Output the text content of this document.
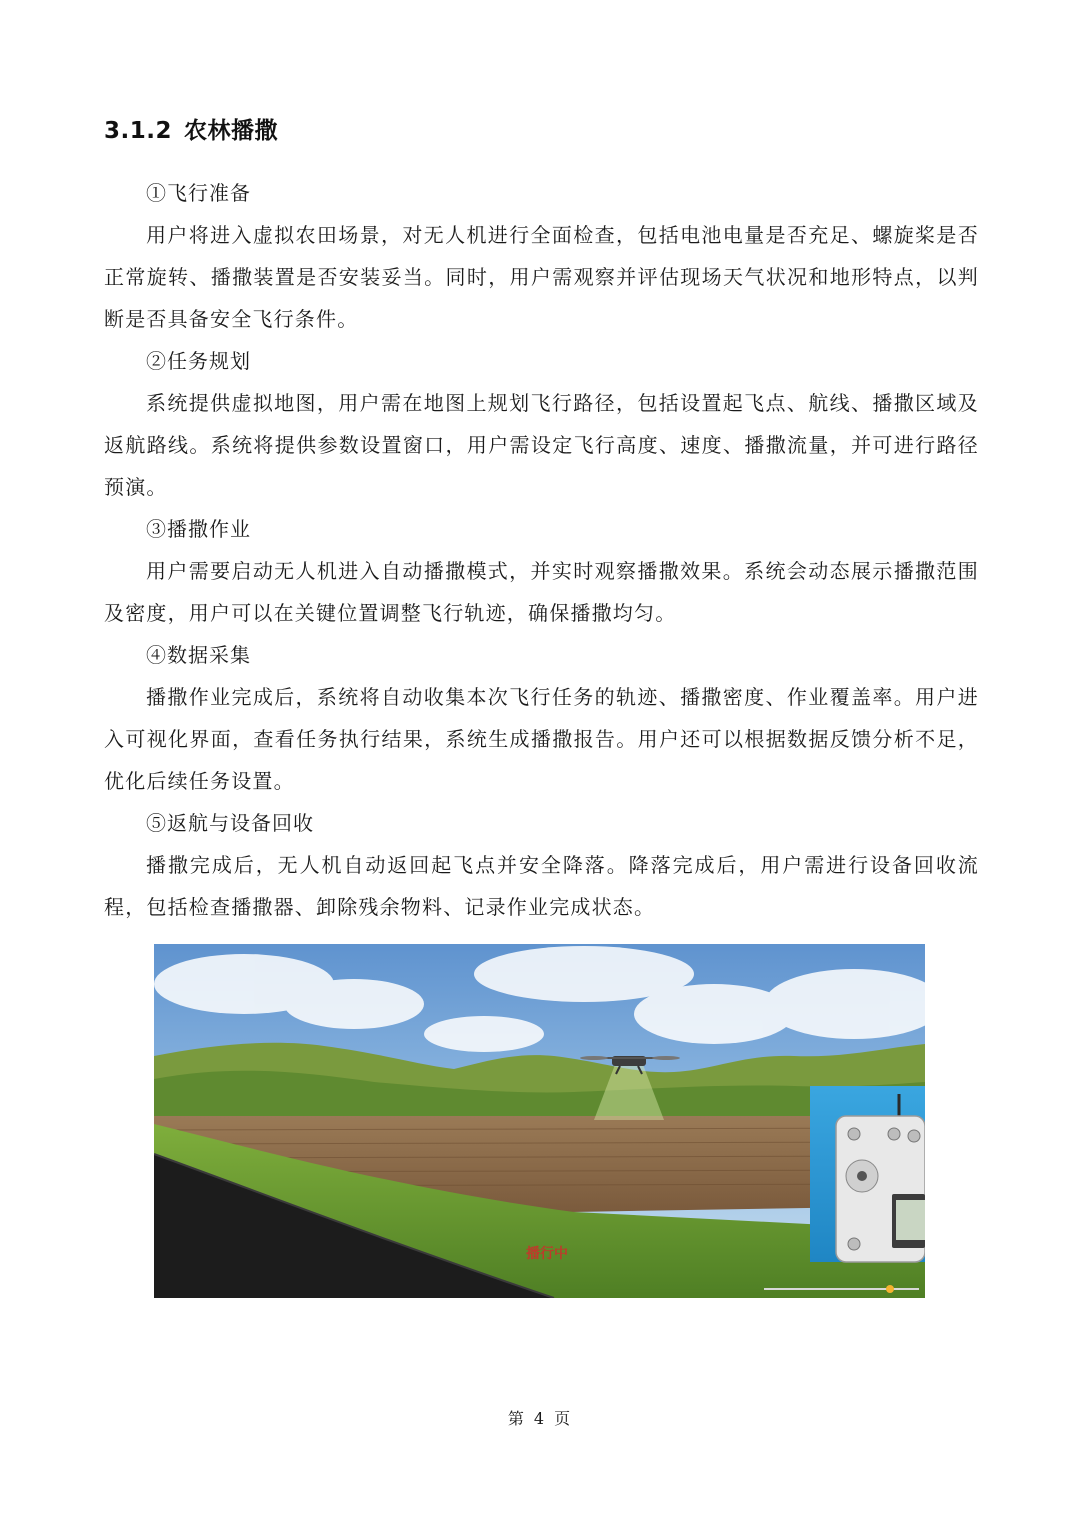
3.1.2 农林播撒
①飞行准备

用户将进入虚拟农田场景，对无人机进行全面检查，包括电池电量是否充足、螺旋桨是否正常旋转、播撒装置是否安装妥当。同时，用户需观察并评估现场天气状况和地形特点，以判断是否具备安全飞行条件。

②任务规划

系统提供虚拟地图，用户需在地图上规划飞行路径，包括设置起飞点、航线、播撒区域及返航路线。系统将提供参数设置窗口，用户需设定飞行高度、速度、播撒流量，并可进行路径预演。

③播撒作业

用户需要启动无人机进入自动播撒模式，并实时观察播撒效果。系统会动态展示播撒范围及密度，用户可以在关键位置调整飞行轨迹，确保播撒均匀。

④数据采集

播撒作业完成后，系统将自动收集本次飞行任务的轨迹、播撒密度、作业覆盖率。用户进入可视化界面，查看任务执行结果，系统生成播撒报告。用户还可以根据数据反馈分析不足，优化后续任务设置。

⑤返航与设备回收

播撒完成后，无人机自动返回起飞点并安全降落。降落完成后，用户需进行设备回收流程，包括检查播撒器、卸除残余物料、记录作业完成状态。

播行中
第 4 页
